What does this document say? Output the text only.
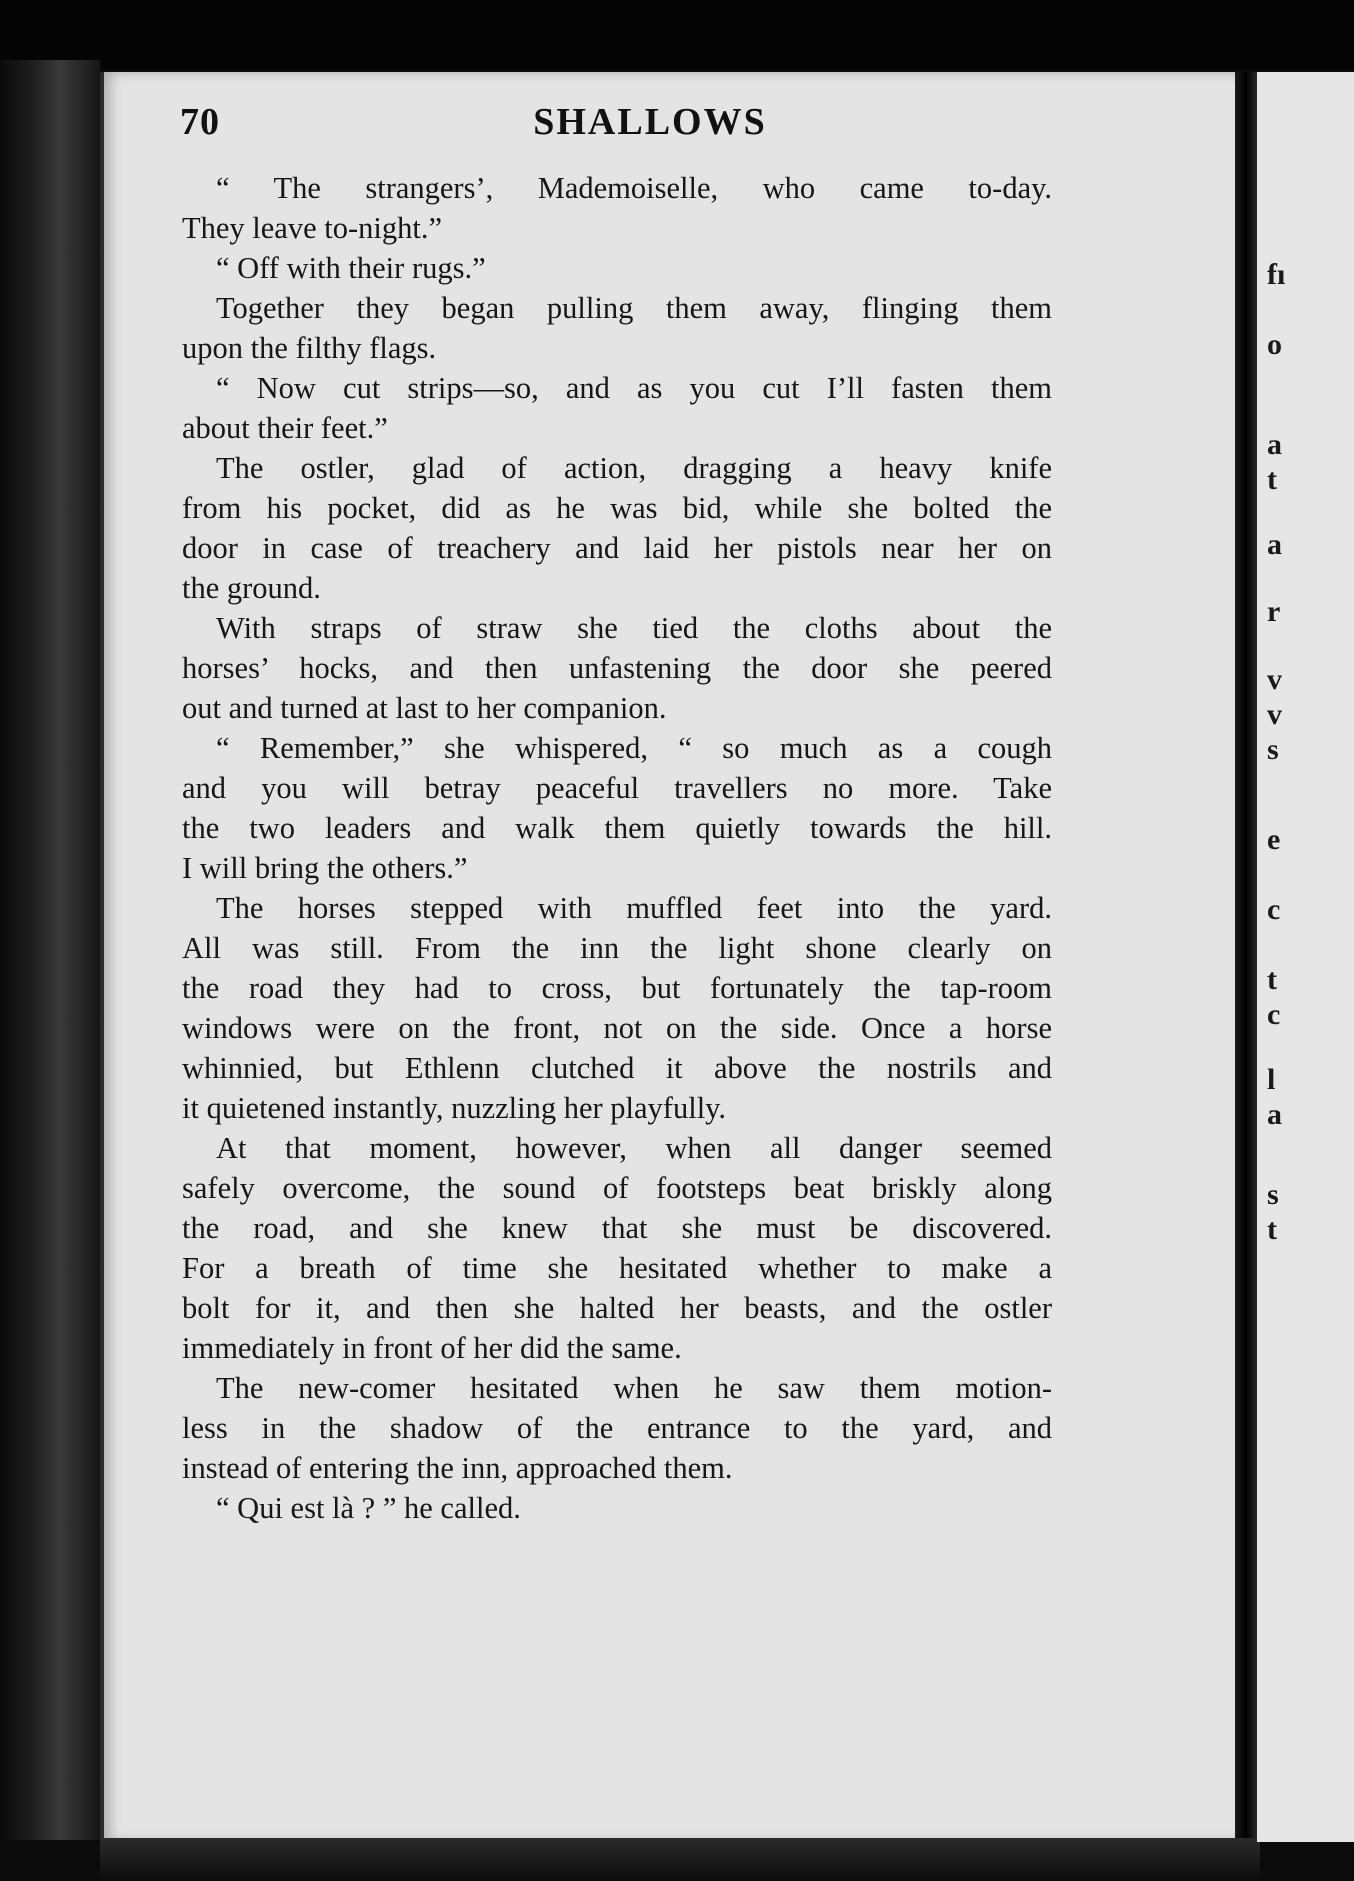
fı
o
a
t
a
r
v
v
s
e
c
t
c
l
a
s
t
70	SHALLOWS
“ The strangers’, Mademoiselle, who came to-day.
They leave to-night.”
“ Off with their rugs.”
Together they began pulling them away, flinging them
upon the filthy flags.
“ Now cut strips—so, and as you cut I’ll fasten them
about their feet.”
The ostler, glad of action, dragging a heavy knife
from his pocket, did as he was bid, while she bolted the
door in case of treachery and laid her pistols near her on
the ground.
With straps of straw she tied the cloths about the
horses’ hocks, and then unfastening the door she peered
out and turned at last to her companion.
“ Remember,” she whispered, “ so much as a cough
and you will betray peaceful travellers no more. Take
the two leaders and walk them quietly towards the hill.
I will bring the others.”
The horses stepped with muffled feet into the yard.
All was still. From the inn the light shone clearly on
the road they had to cross, but fortunately the tap-room
windows were on the front, not on the side. Once a horse
whinnied, but Ethlenn clutched it above the nostrils and
it quietened instantly, nuzzling her playfully.
At that moment, however, when all danger seemed
safely overcome, the sound of footsteps beat briskly along
the road, and she knew that she must be discovered.
For a breath of time she hesitated whether to make a
bolt for it, and then she halted her beasts, and the ostler
immediately in front of her did the same.
The new-comer hesitated when he saw them motion-
less in the shadow of the entrance to the yard, and
instead of entering the inn, approached them.
“ Qui est là ? ” he called.
